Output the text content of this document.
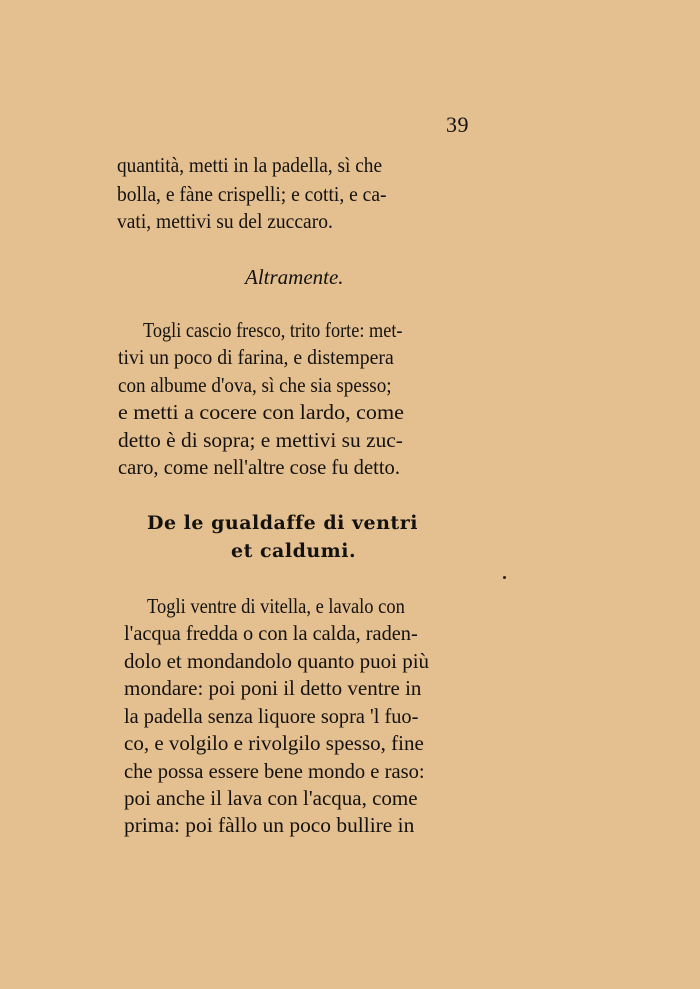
39
quantità, metti in la padella, sì che
bolla, e fàne crispelli; e cotti, e ca-
vati, mettivi su del zuccaro.
Altramente.
Togli cascio fresco, trito forte: met-
tivi un poco di farina, e distempera
con albume d'ova, sì che sia spesso;
e metti a cocere con lardo, come
detto è di sopra; e mettivi su zuc-
caro, come nell'altre cose fu detto.
De le gualdaffe di ventri
et caldumi.
Togli ventre di vitella, e lavalo con
l'acqua fredda o con la calda, raden-
dolo et mondandolo quanto puoi più
mondare: poi poni il detto ventre in
la padella senza liquore sopra 'l fuo-
co, e volgilo e rivolgilo spesso, fine
che possa essere bene mondo e raso:
poi anche il lava con l'acqua, come
prima: poi fàllo un poco bullire in
